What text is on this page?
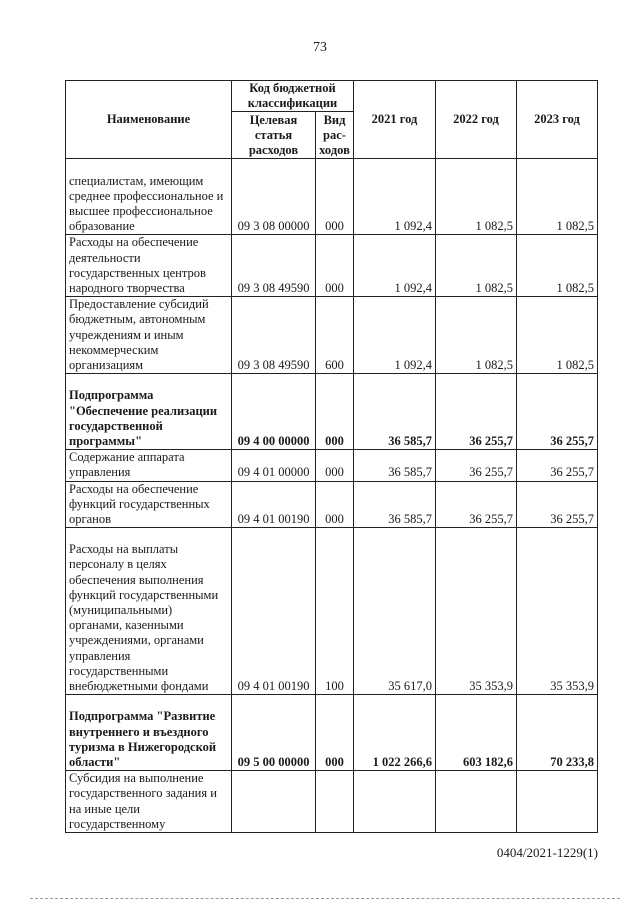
73
Наименование	Код бюджетной классификации		2021 год	2022 год	2023 год
	Целевая статья расходов	Вид рас-ходов			
специалистам, имеющим среднее профессиональное и высшее профессиональное образование	09 3 08 00000	000	1 092,4	1 082,5	1 082,5
Расходы на обеспечение деятельности государственных центров народного творчества	09 3 08 49590	000	1 092,4	1 082,5	1 082,5
Предоставление субсидий бюджетным, автономным учреждениям и иным некоммерческим организациям	09 3 08 49590	600	1 092,4	1 082,5	1 082,5
Подпрограмма "Обеспечение реализации государственной программы"	09 4 00 00000	000	36 585,7	36 255,7	36 255,7
Содержание аппарата управления	09 4 01 00000	000	36 585,7	36 255,7	36 255,7
Расходы на обеспечение функций государственных органов	09 4 01 00190	000	36 585,7	36 255,7	36 255,7
Расходы на выплаты персоналу в целях обеспечения выполнения функций государственными (муниципальными) органами, казенными учреждениями, органами управления государственными внебюджетными фондами	09 4 01 00190	100	35 617,0	35 353,9	35 353,9
Подпрограмма "Развитие внутреннего и въездного туризма в Нижегородской области"	09 5 00 00000	000	1 022 266,6	603 182,6	70 233,8
Субсидия на выполнение государственного задания и на иные цели государственному					
0404/2021-1229(1)
